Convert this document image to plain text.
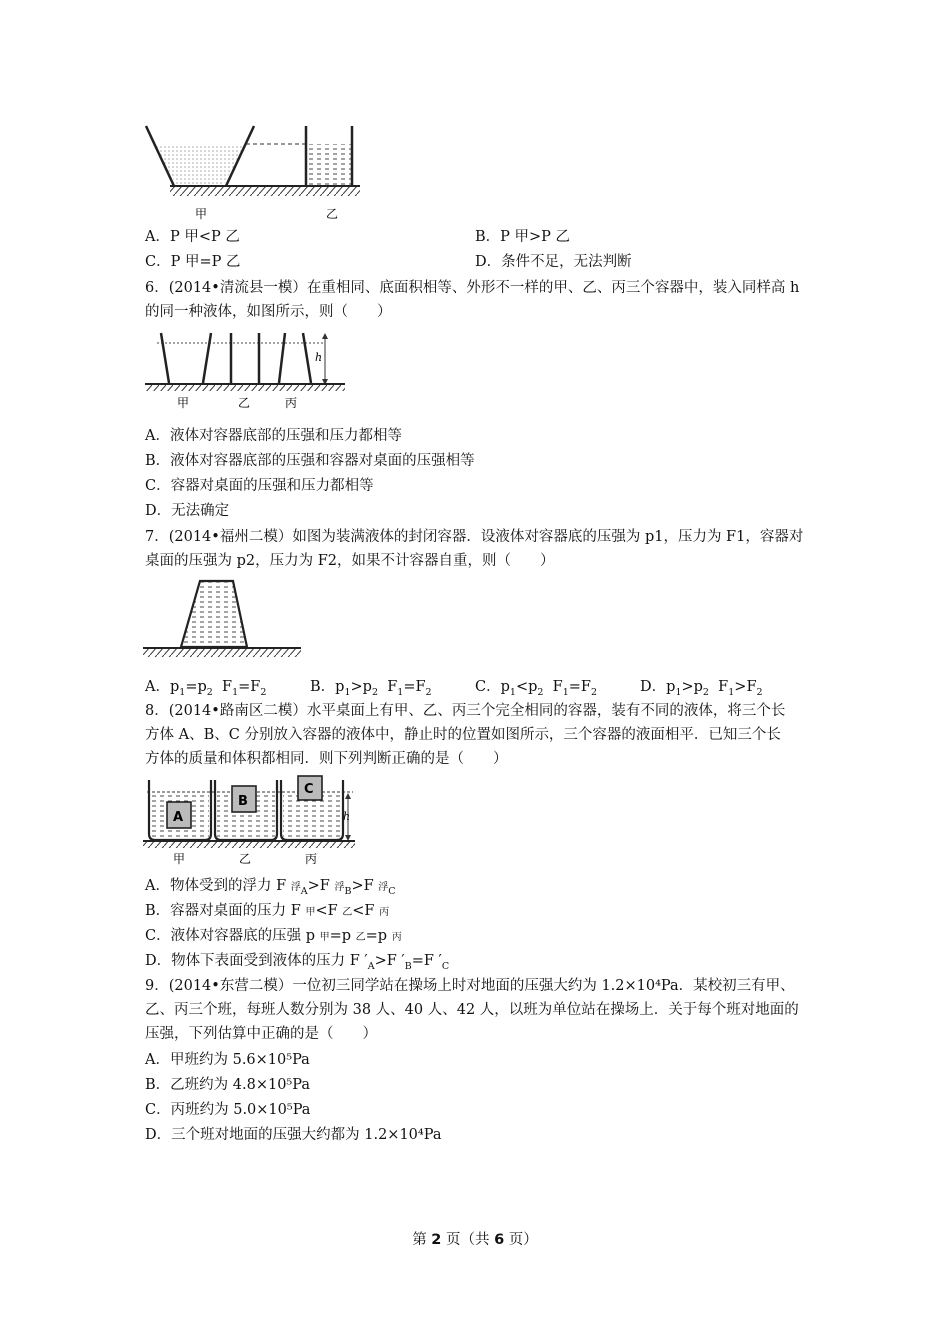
甲	乙
A．P 甲<P 乙	B．P 甲>P 乙
C．P 甲=P 乙	D．条件不足，无法判断
6．(2014•清流县一模）在重相同、底面积相等、外形不一样的甲、乙、丙三个容器中，装入同样高 h
的同一种液体，如图所示，则（　　）
h
甲	乙	丙
A．液体对容器底部的压强和压力都相等
B．液体对容器底部的压强和容器对桌面的压强相等
C．容器对桌面的压强和压力都相等
D．无法确定
7．(2014•福州二模）如图为装满液体的封闭容器．设液体对容器底的压强为 p1，压力为 F1，容器对
桌面的压强为 p2，压力为 F2，如果不计容器自重，则（　　）
A．$p_1=p_2$  $F_1=F_2$	B．$p_1>p_2$  $F_1=F_2$	C．$p_1<p_2$  $F_1=F_2$	D．$p_1>p_2$  $F_1>F_2$
8．(2014•路南区二模）水平桌面上有甲、乙、丙三个完全相同的容器，装有不同的液体，将三个长
方体 A、B、C 分别放入容器的液体中，静止时的位置如图所示，三个容器的液面相平．已知三个长
方体的质量和体积都相同．则下列判断正确的是（　　）
A
B
C
h
甲	乙	丙
A．物体受到的浮力 F 浮$_A$>F 浮$_B$>F 浮$_C$
B．容器对桌面的压力 F 甲<F 乙<F 丙
C．液体对容器底的压强 p 甲=p 乙=p 丙
D．物体下表面受到液体的压力 F $'_A>F$ $'_B=F$ $'_C$
9．(2014•东营二模）一位初三同学站在操场上时对地面的压强大约为 1.2×10⁴Pa．某校初三有甲、
乙、丙三个班，每班人数分别为 38 人、40 人、42 人，以班为单位站在操场上．关于每个班对地面的
压强，下列估算中正确的是（　　）
A．甲班约为 5.6×10⁵Pa
B．乙班约为 4.8×10⁵Pa
C．丙班约为 5.0×10⁵Pa
D．三个班对地面的压强大约都为 1.2×10⁴Pa
第 2 页（共 6 页）
